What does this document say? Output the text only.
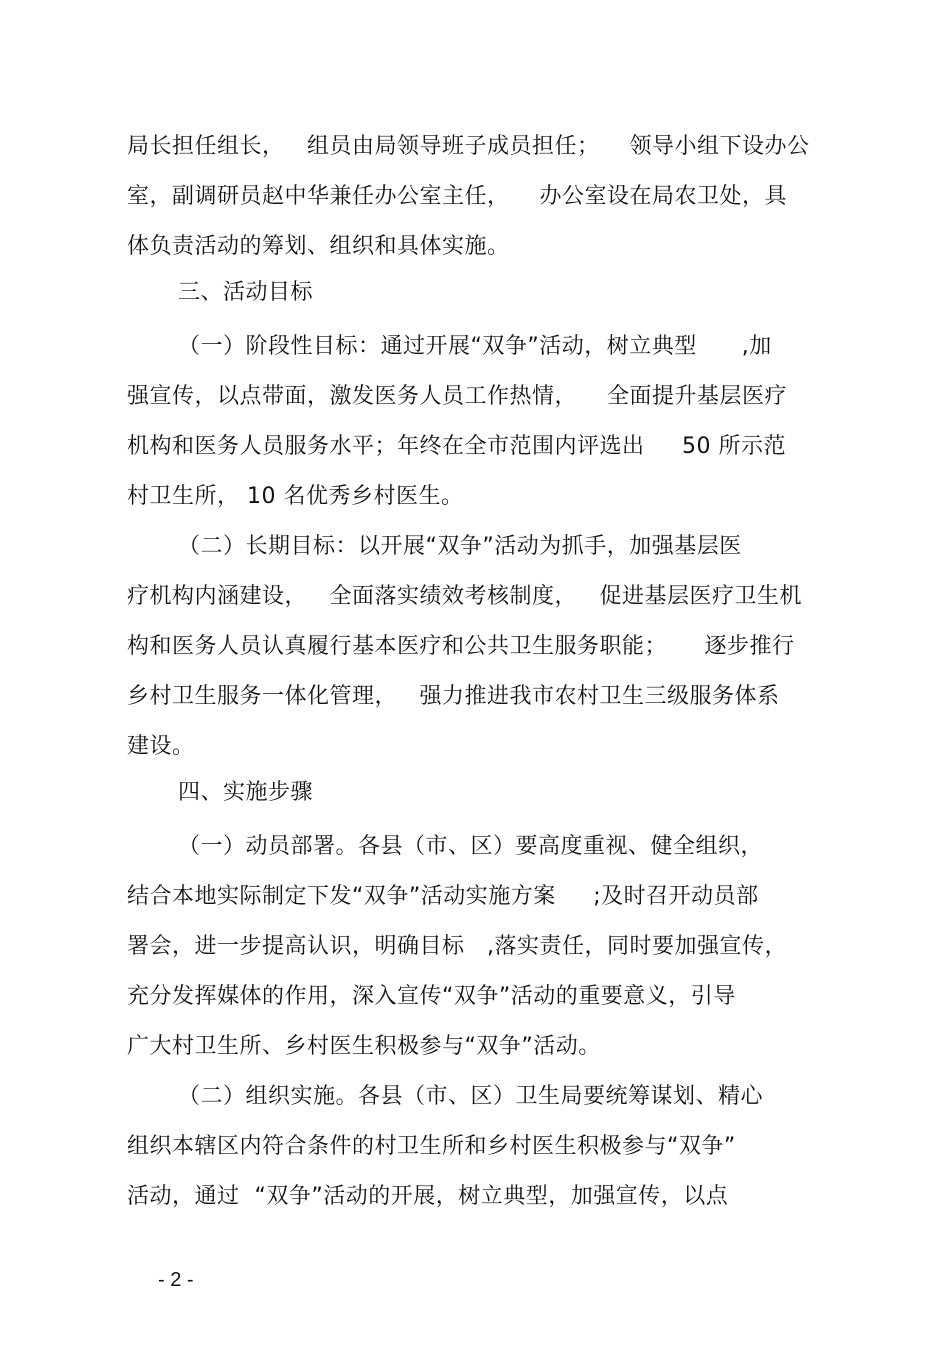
局长担任组长，   组员由局领导班子成员担任；    领导小组下设办公
室，副调研员赵中华兼任办公室主任，    办公室设在局农卫处，具
体负责活动的筹划、组织和具体实施。
三、活动目标
（一）阶段性目标：通过开展“双争”活动，树立典型      ,加
强宣传，以点带面，激发医务人员工作热情，    全面提升基层医疗
机构和医务人员服务水平；年终在全市范围内评选出     50 所示范
村卫生所， 10 名优秀乡村医生。
（二）长期目标：以开展“双争”活动为抓手，加强基层医
疗机构内涵建设，   全面落实绩效考核制度，   促进基层医疗卫生机
构和医务人员认真履行基本医疗和公共卫生服务职能；     逐步推行
乡村卫生服务一体化管理，   强力推进我市农村卫生三级服务体系
建设。
四、实施步骤
（一）动员部署。各县（市、区）要高度重视、健全组织，
结合本地实际制定下发“双争”活动实施方案     ;及时召开动员部
署会，进一步提高认识，明确目标   ,落实责任，同时要加强宣传，
充分发挥媒体的作用，深入宣传“双争”活动的重要意义，引导
广大村卫生所、乡村医生积极参与“双争”活动。
（二）组织实施。各县（市、区）卫生局要统筹谋划、精心
组织本辖区内符合条件的村卫生所和乡村医生积极参与“双争”
活动，通过  “双争”活动的开展，树立典型，加强宣传，以点
- 2 -
